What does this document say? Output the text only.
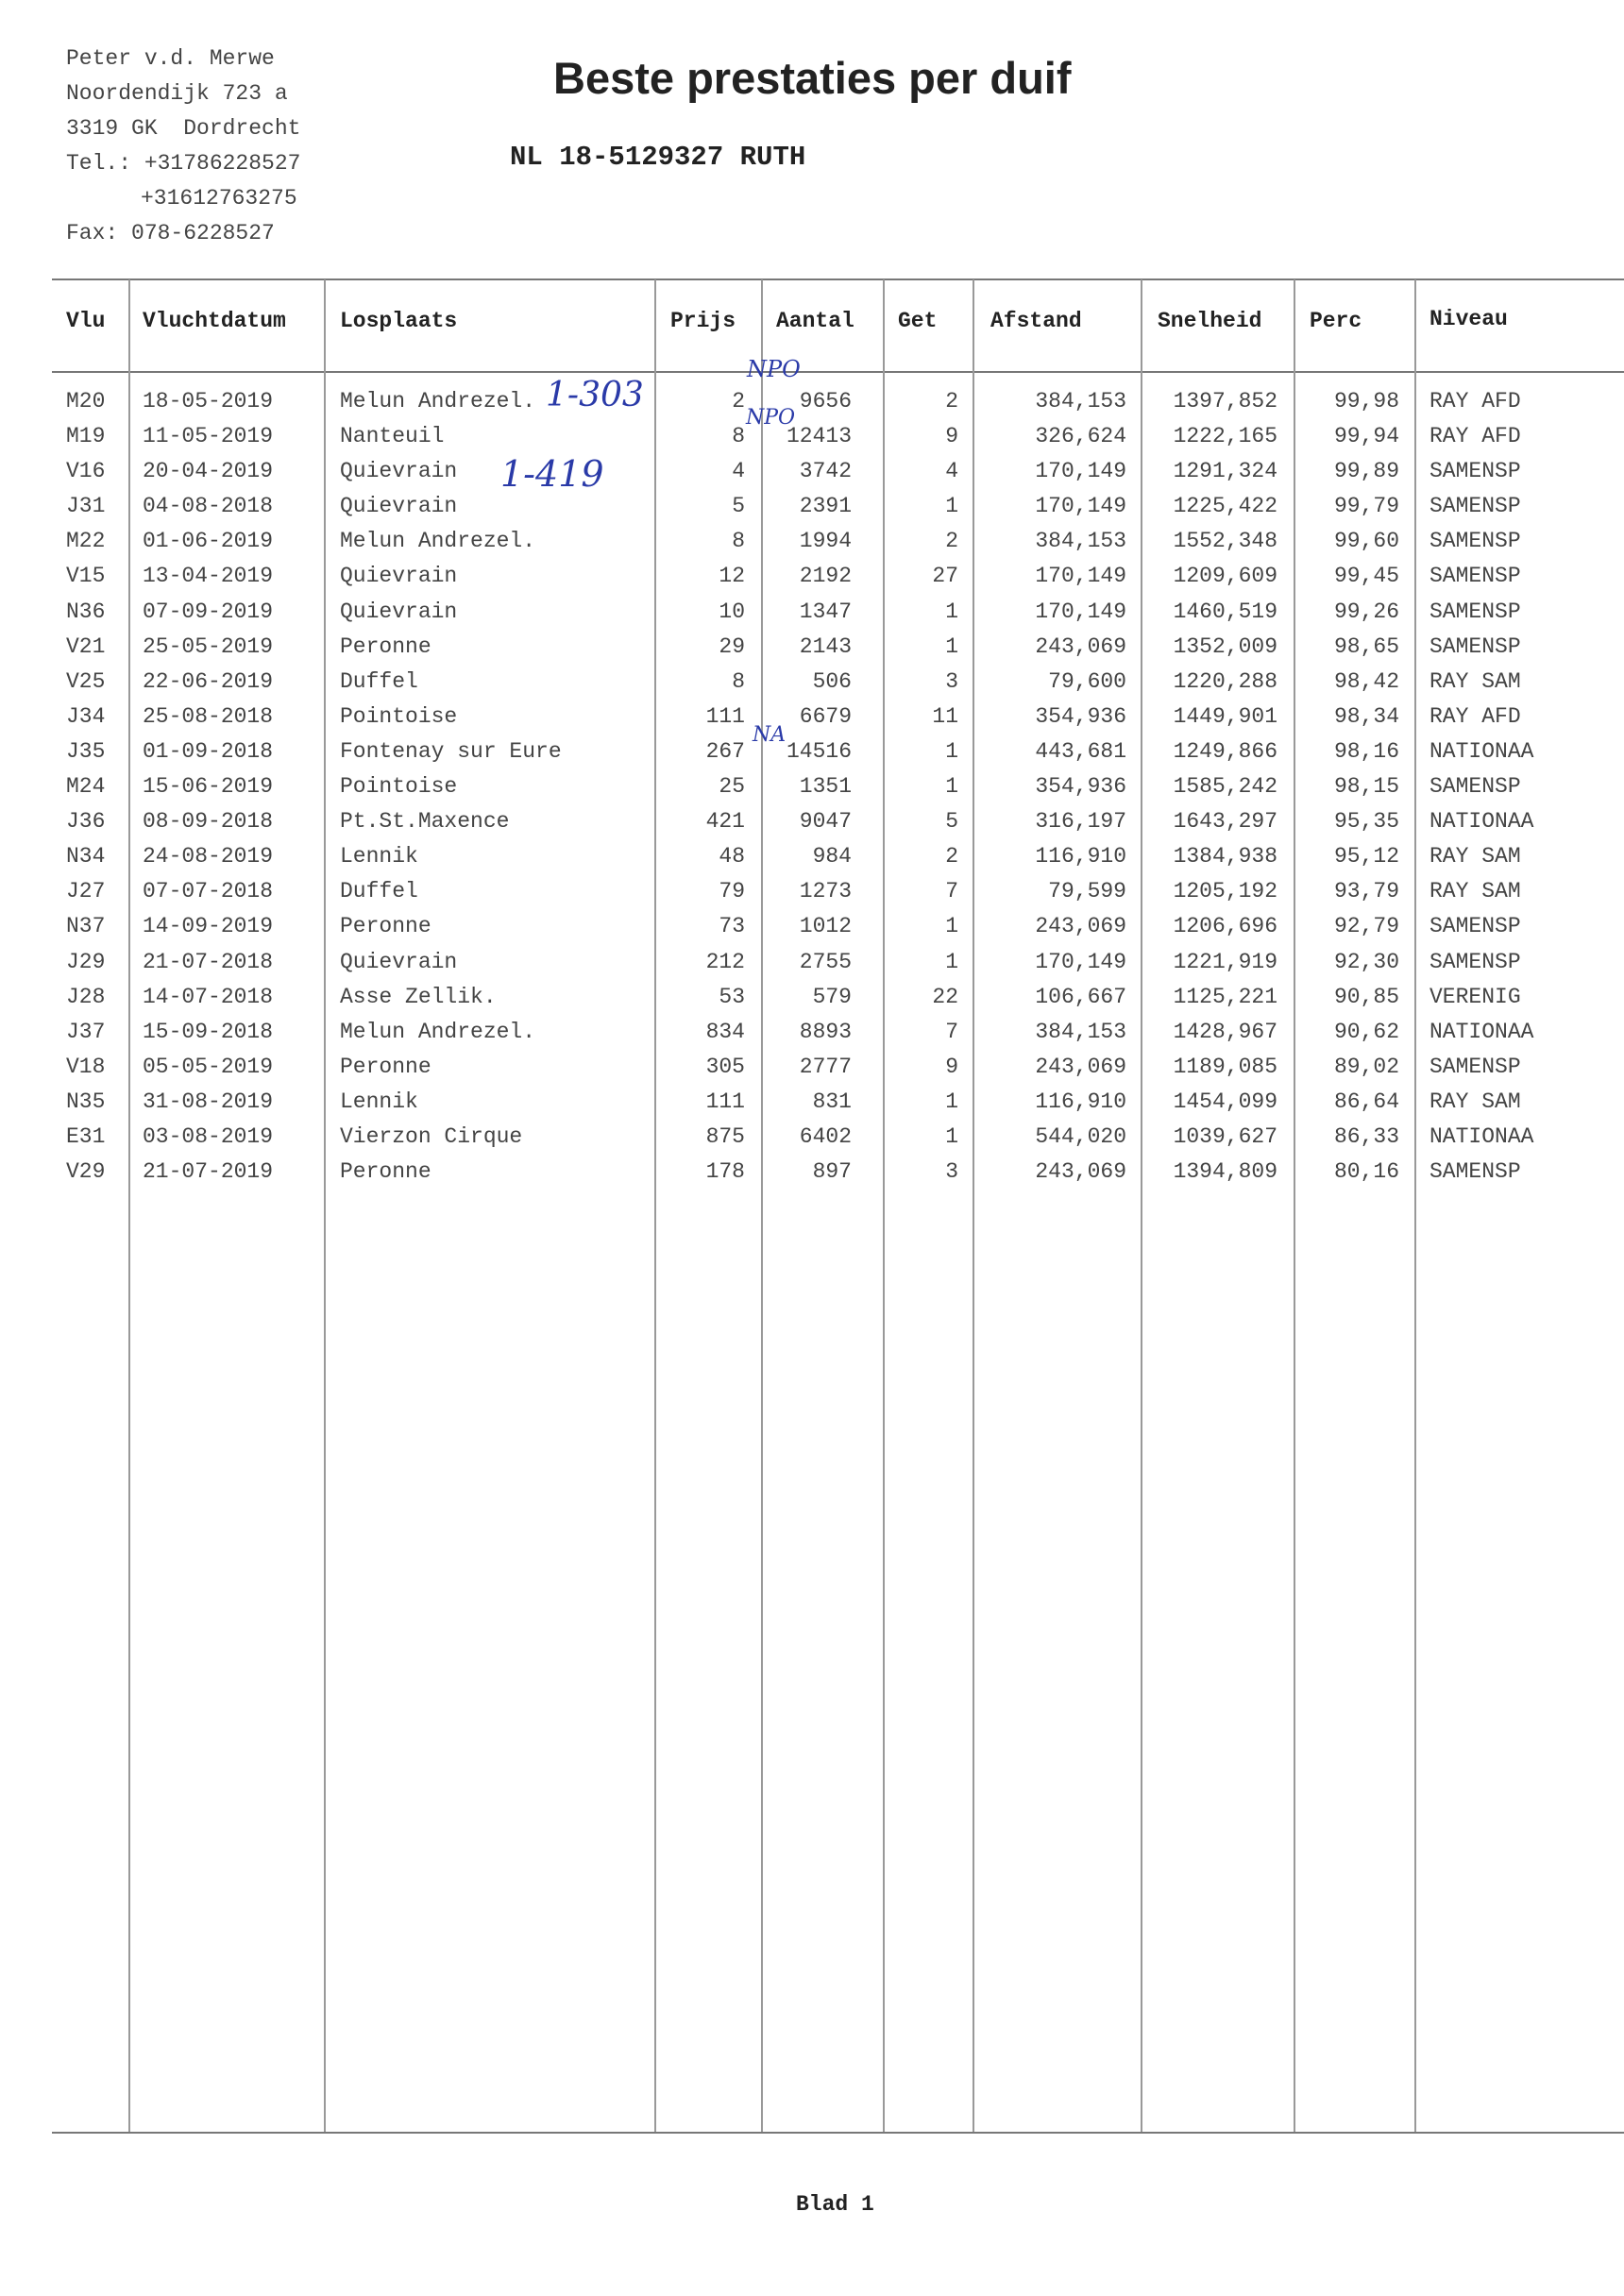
Peter v.d. Merwe
Noordendijk 723 a
3319 GK  Dordrecht
Tel.: +31786228527
+31612763275
Fax: 078-6228527
Beste prestaties per duif
NL 18-5129327 RUTH
Vlu Vluchtdatum Losplaats	Prijs Aantal Get Afstand	Snelheid Perc	Niveau
M20	18-05-2019	Melun Andrezel.	2	9656	2	384,153	1397,852	99,98 RAY AFD
M19	11-05-2019	Nanteuil	8	12413	9	326,624	1222,165	99,94 RAY AFD
V16	20-04-2019	Quievrain	4	3742	4	170,149	1291,324	99,89 SAMENSP
J31	04-08-2018	Quievrain	5	2391	1	170,149	1225,422	99,79 SAMENSP
M22	01-06-2019	Melun Andrezel.	8	1994	2	384,153	1552,348	99,60 SAMENSP
V15	13-04-2019	Quievrain	12	2192	27	170,149	1209,609	99,45 SAMENSP
N36	07-09-2019	Quievrain	10	1347	1	170,149	1460,519	99,26 SAMENSP
V21	25-05-2019	Peronne	29	2143	1	243,069	1352,009	98,65 SAMENSP
V25	22-06-2019	Duffel	8	506	3	79,600	1220,288	98,42 RAY SAM
J34	25-08-2018	Pointoise	111	6679	11	354,936	1449,901	98,34 RAY AFD
J35	01-09-2018	Fontenay sur Eure	267	14516	1	443,681	1249,866	98,16 NATIONAA
M24	15-06-2019	Pointoise	25	1351	1	354,936	1585,242	98,15 SAMENSP
J36	08-09-2018	Pt.St.Maxence	421	9047	5	316,197	1643,297	95,35 NATIONAA
N34	24-08-2019	Lennik	48	984	2	116,910	1384,938	95,12 RAY SAM
J27	07-07-2018	Duffel	79	1273	7	79,599	1205,192	93,79 RAY SAM
N37	14-09-2019	Peronne	73	1012	1	243,069	1206,696	92,79 SAMENSP
J29	21-07-2018	Quievrain	212	2755	1	170,149	1221,919	92,30 SAMENSP
J28	14-07-2018	Asse Zellik.	53	579	22	106,667	1125,221	90,85 VERENIG
J37	15-09-2018	Melun Andrezel.	834	8893	7	384,153	1428,967	90,62 NATIONAA
V18	05-05-2019	Peronne	305	2777	9	243,069	1189,085	89,02 SAMENSP
N35	31-08-2019	Lennik	111	831	1	116,910	1454,099	86,64 RAY SAM
E31	03-08-2019	Vierzon Cirque	875	6402	1	544,020	1039,627	86,33 NATIONAA
V29	21-07-2019	Peronne	178	897	3	243,069	1394,809	80,16 SAMENSP
1-303
1-419
NPO
NPO
NA
Blad 1
